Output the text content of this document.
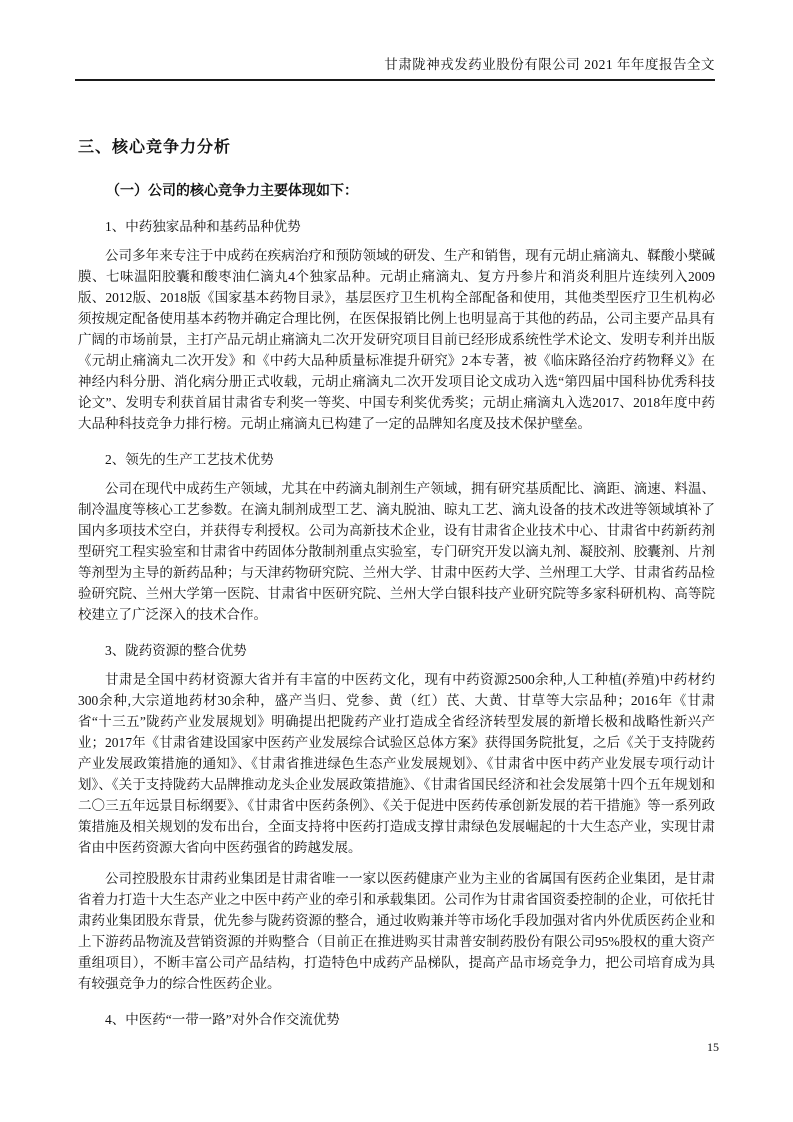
甘肃陇神戎发药业股份有限公司 2021 年年度报告全文
三、核心竞争力分析
（一）公司的核心竞争力主要体现如下：
1、中药独家品种和基药品种优势

公司多年来专注于中成药在疾病治疗和预防领域的研发、生产和销售，现有元胡止痛滴丸、鞣酸小檗碱膜、七味温阳胶囊和酸枣油仁滴丸4个独家品种。元胡止痛滴丸、复方丹参片和消炎利胆片连续列入2009版、2012版、2018版《国家基本药物目录》，基层医疗卫生机构全部配备和使用，其他类型医疗卫生机构必须按规定配备使用基本药物并确定合理比例，在医保报销比例上也明显高于其他的药品，公司主要产品具有广阔的市场前景，主打产品元胡止痛滴丸二次开发研究项目目前已经形成系统性学术论文、发明专利并出版《元胡止痛滴丸二次开发》和《中药大品种质量标准提升研究》2本专著，被《临床路径治疗药物释义》在神经内科分册、消化病分册正式收载，元胡止痛滴丸二次开发项目论文成功入选“第四届中国科协优秀科技论文”、发明专利获首届甘肃省专利奖一等奖、中国专利奖优秀奖；元胡止痛滴丸入选2017、2018年度中药大品种科技竞争力排行榜。元胡止痛滴丸已构建了一定的品牌知名度及技术保护壁垒。

2、领先的生产工艺技术优势

公司在现代中成药生产领域，尤其在中药滴丸制剂生产领域，拥有研究基质配比、滴距、滴速、料温、制冷温度等核心工艺参数。在滴丸制剂成型工艺、滴丸脱油、晾丸工艺、滴丸设备的技术改进等领域填补了国内多项技术空白，并获得专利授权。公司为高新技术企业，设有甘肃省企业技术中心、甘肃省中药新药剂型研究工程实验室和甘肃省中药固体分散制剂重点实验室，专门研究开发以滴丸剂、凝胶剂、胶囊剂、片剂等剂型为主导的新药品种；与天津药物研究院、兰州大学、甘肃中医药大学、兰州理工大学、甘肃省药品检验研究院、兰州大学第一医院、甘肃省中医研究院、兰州大学白银科技产业研究院等多家科研机构、高等院校建立了广泛深入的技术合作。

3、陇药资源的整合优势

甘肃是全国中药材资源大省并有丰富的中医药文化，现有中药资源2500余种,人工种植(养殖)中药材约300余种,大宗道地药材30余种，盛产当归、党参、黄（红）芪、大黄、甘草等大宗品种；2016年《甘肃省“十三五”陇药产业发展规划》明确提出把陇药产业打造成全省经济转型发展的新增长极和战略性新兴产业；2017年《甘肃省建设国家中医药产业发展综合试验区总体方案》获得国务院批复，之后《关于支持陇药产业发展政策措施的通知》、《甘肃省推进绿色生态产业发展规划》、《甘肃省中医中药产业发展专项行动计划》、《关于支持陇药大品牌推动龙头企业发展政策措施》、《甘肃省国民经济和社会发展第十四个五年规划和二〇三五年远景目标纲要》、《甘肃省中医药条例》、《关于促进中医药传承创新发展的若干措施》等一系列政策措施及相关规划的发布出台，全面支持将中医药打造成支撑甘肃绿色发展崛起的十大生态产业，实现甘肃省由中医药资源大省向中医药强省的跨越发展。

公司控股股东甘肃药业集团是甘肃省唯一一家以医药健康产业为主业的省属国有医药企业集团，是甘肃省着力打造十大生态产业之中医中药产业的牵引和承载集团。公司作为甘肃省国资委控制的企业，可依托甘肃药业集团股东背景，优先参与陇药资源的整合，通过收购兼并等市场化手段加强对省内外优质医药企业和上下游药品物流及营销资源的并购整合（目前正在推进购买甘肃普安制药股份有限公司95%股权的重大资产重组项目），不断丰富公司产品结构，打造特色中成药产品梯队，提高产品市场竞争力，把公司培育成为具有较强竞争力的综合性医药企业。

4、中医药“一带一路”对外合作交流优势
15
